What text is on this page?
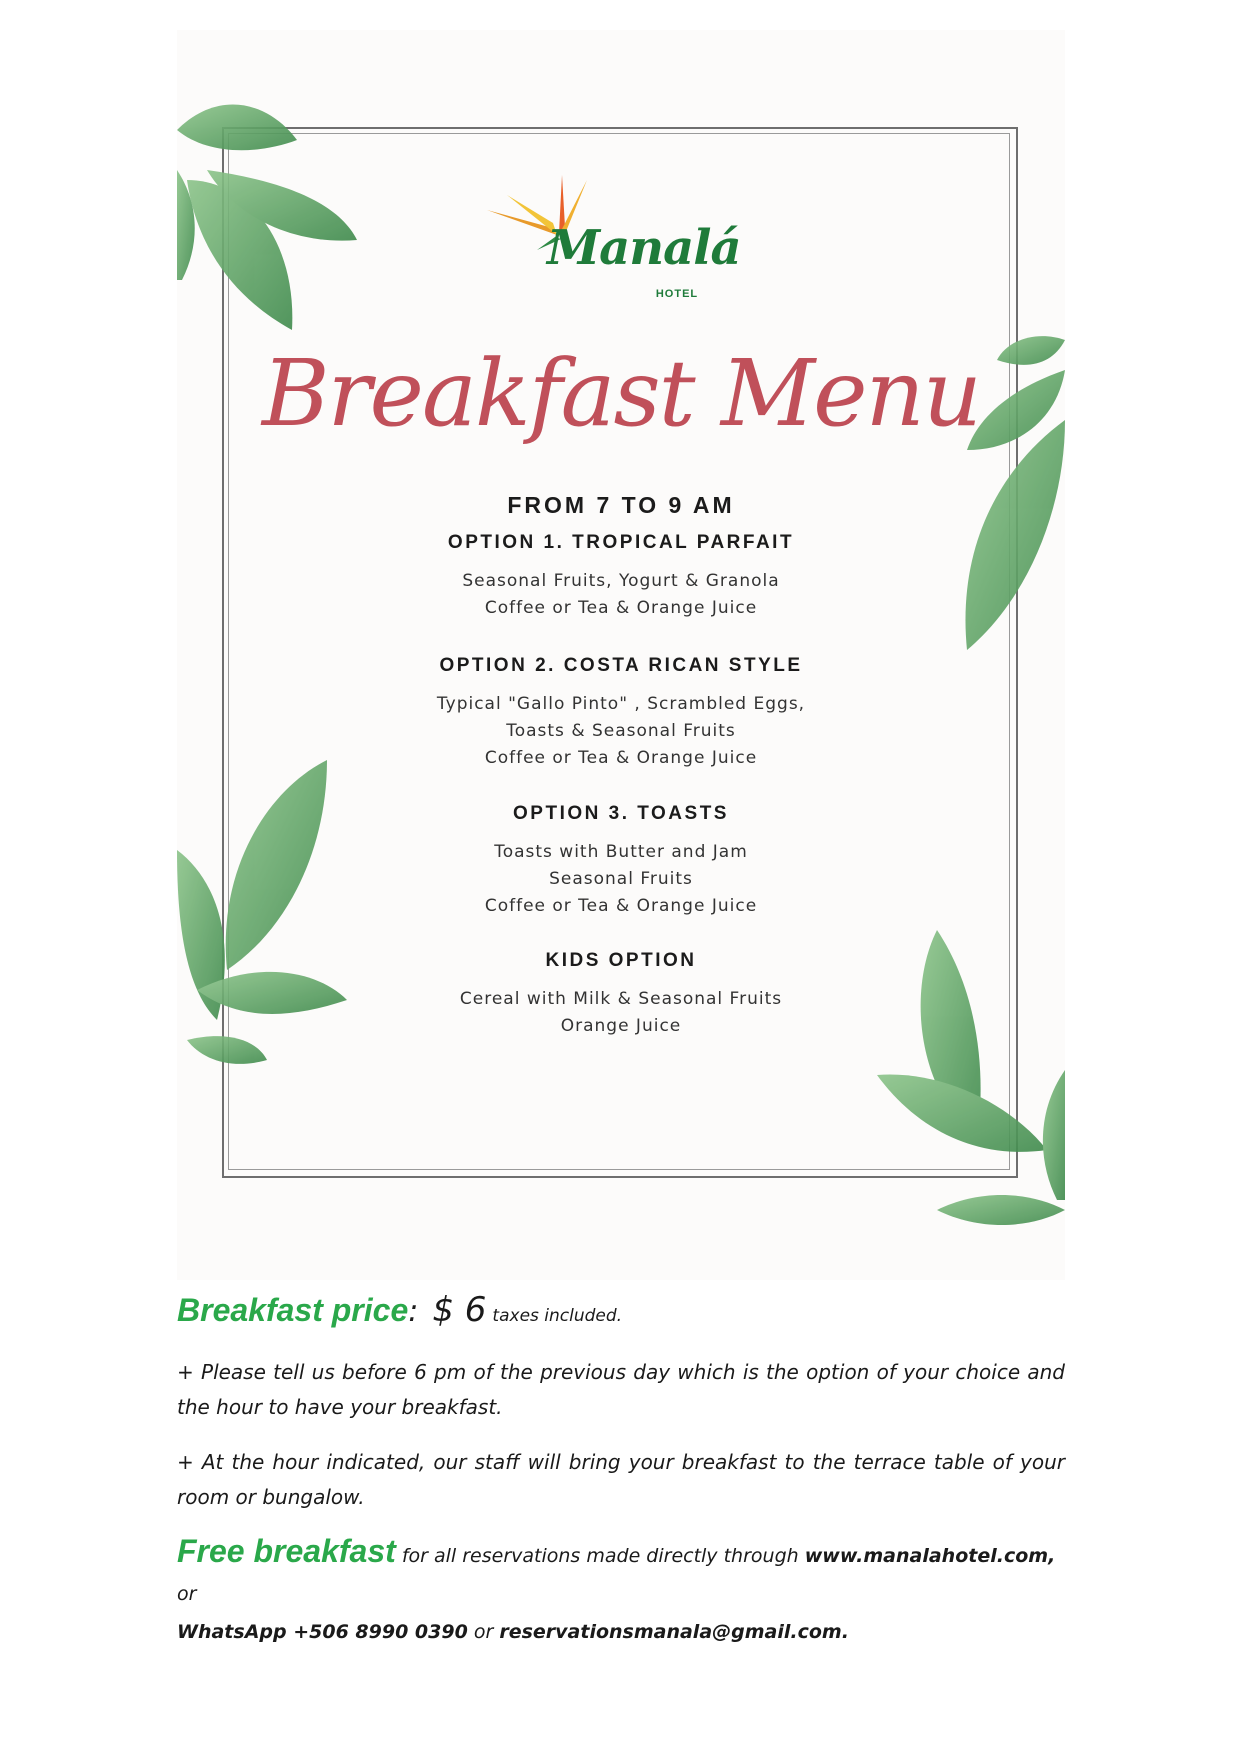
Manalá
HOTEL
Breakfast Menu
FROM 7 TO 9 AM
OPTION 1. TROPICAL PARFAIT
Seasonal Fruits, Yogurt & Granola
Coffee or Tea & Orange Juice
OPTION 2. COSTA RICAN STYLE
Typical "Gallo Pinto" , Scrambled Eggs,
Toasts & Seasonal Fruits
Coffee or Tea & Orange Juice
OPTION 3. TOASTS
Toasts with Butter and Jam
Seasonal Fruits
Coffee or Tea & Orange Juice
KIDS OPTION
Cereal with Milk & Seasonal Fruits
Orange Juice
Breakfast price: $ 6 taxes included.
+ Please tell us before 6 pm of the previous day which is the option of your choice and the hour to have your breakfast.
+ At the hour indicated, our staff will bring your breakfast to the terrace table of your room or bungalow.
Free breakfast for all reservations made directly through www.manalahotel.com, or
WhatsApp +506 8990 0390 or reservationsmanala@gmail.com.
